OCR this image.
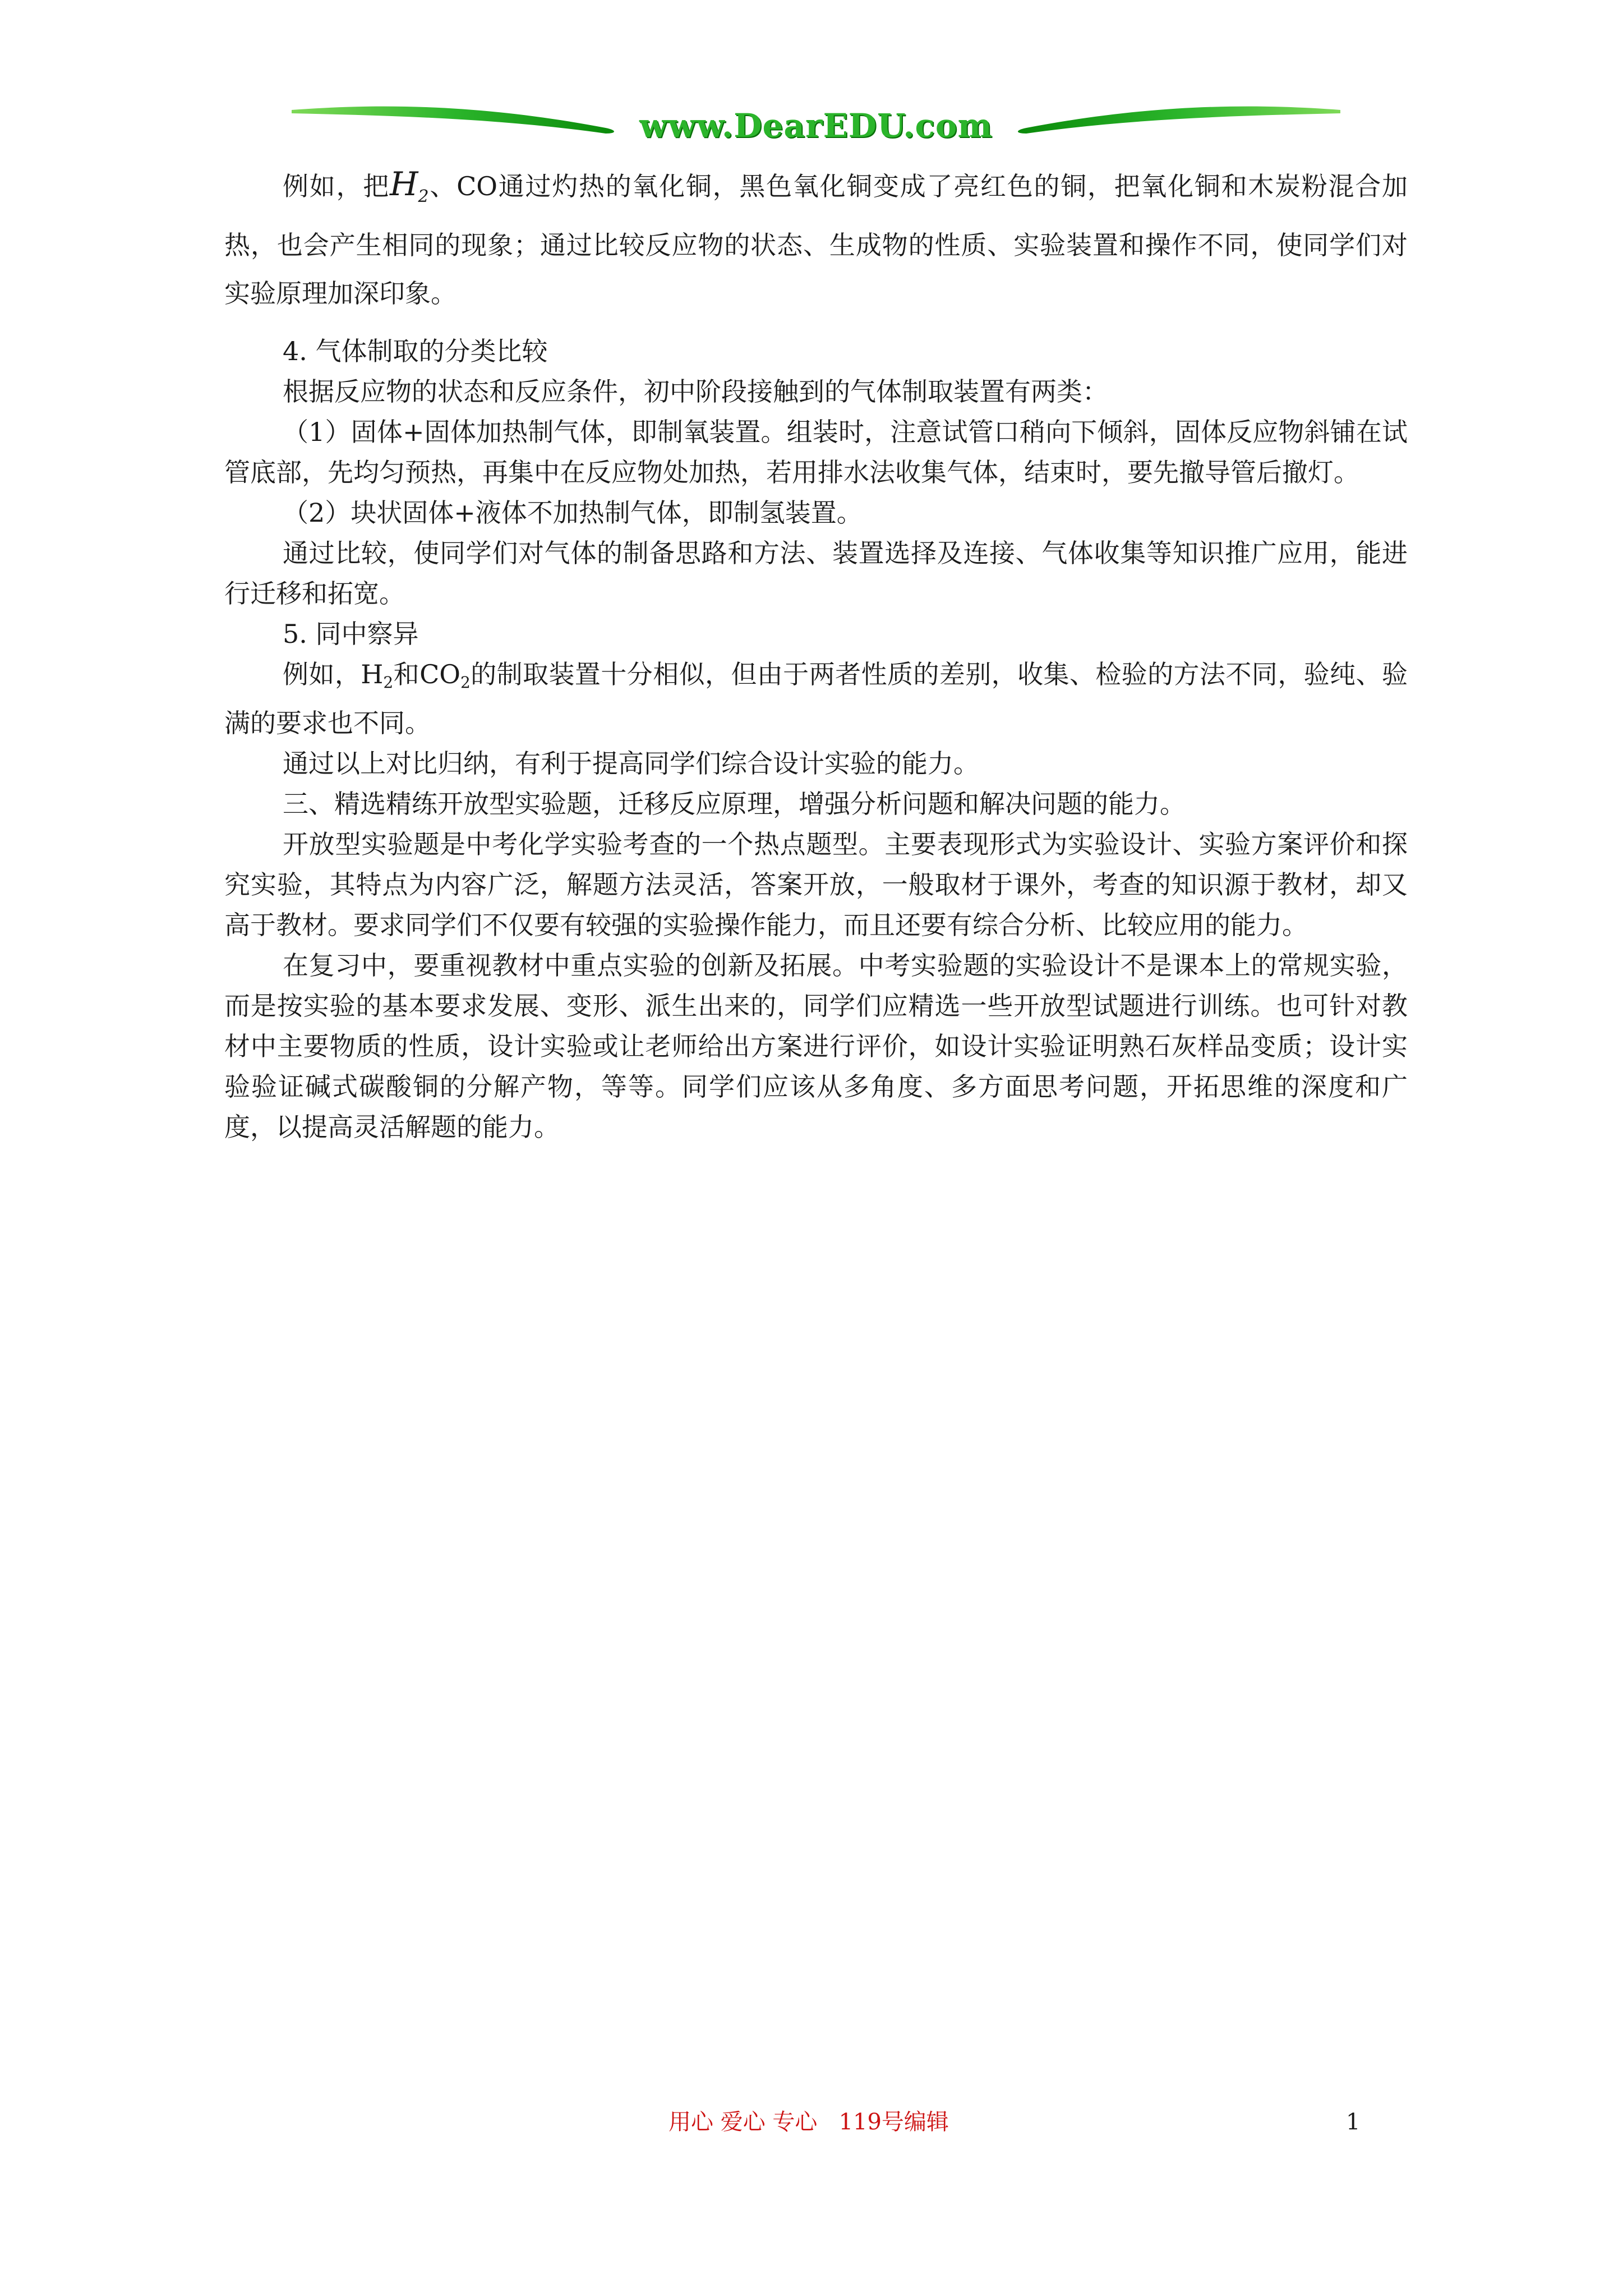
www.DearEDU.com

例如，把$H_2$、CO通过灼热的氧化铜，黑色氧化铜变成了亮红色的铜，把氧化铜和木炭粉混合加热，也会产生相同的现象；通过比较反应物的状态、生成物的性质、实验装置和操作不同，使同学们对实验原理加深印象。

4. 气体制取的分类比较

根据反应物的状态和反应条件，初中阶段接触到的气体制取装置有两类：

（1）固体+固体加热制气体，即制氧装置。组装时，注意试管口稍向下倾斜，固体反应物斜铺在试管底部，先均匀预热，再集中在反应物处加热，若用排水法收集气体，结束时，要先撤导管后撤灯。

（2）块状固体+液体不加热制气体，即制氢装置。

通过比较，使同学们对气体的制备思路和方法、装置选择及连接、气体收集等知识推广应用，能进行迁移和拓宽。

5. 同中察异

例如，H2和CO2的制取装置十分相似，但由于两者性质的差别，收集、检验的方法不同，验纯、验满的要求也不同。

通过以上对比归纳，有利于提高同学们综合设计实验的能力。

三、精选精练开放型实验题，迁移反应原理，增强分析问题和解决问题的能力。

开放型实验题是中考化学实验考查的一个热点题型。主要表现形式为实验设计、实验方案评价和探究实验，其特点为内容广泛，解题方法灵活，答案开放，一般取材于课外，考查的知识源于教材，却又高于教材。要求同学们不仅要有较强的实验操作能力，而且还要有综合分析、比较应用的能力。

在复习中，要重视教材中重点实验的创新及拓展。中考实验题的实验设计不是课本上的常规实验，而是按实验的基本要求发展、变形、派生出来的，同学们应精选一些开放型试题进行训练。也可针对教材中主要物质的性质，设计实验或让老师给出方案进行评价，如设计实验证明熟石灰样品变质；设计实验验证碱式碳酸铜的分解产物，等等。同学们应该从多角度、多方面思考问题，开拓思维的深度和广度，以提高灵活解题的能力。

用心 爱心 专心   119号编辑	1
